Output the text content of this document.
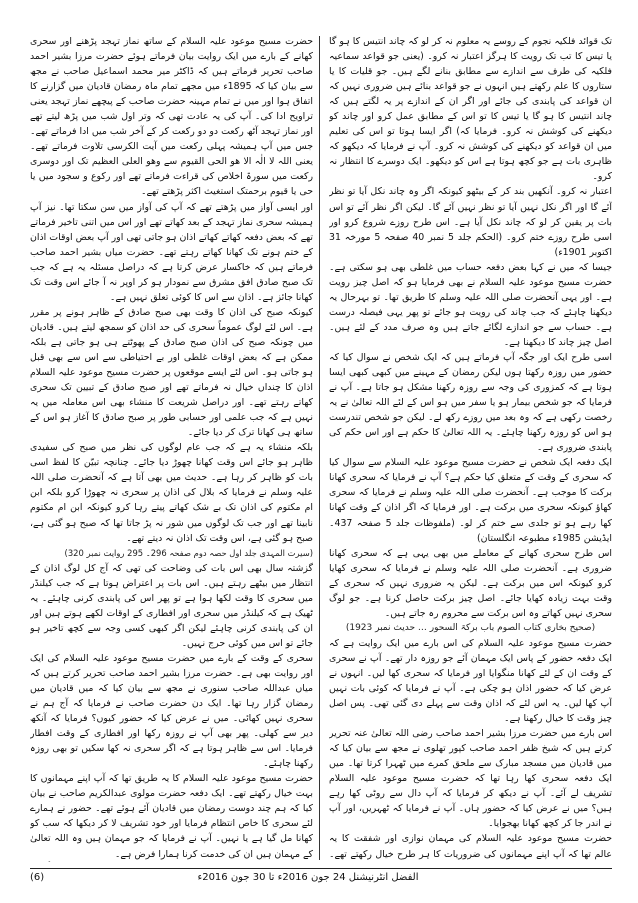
تک قوائد فلکیہ نجوم کے روسے یہ معلوم نہ کر لو کہ چاند انتیس کا ہو گا یا تیس کا تب تک رویت کا ہرگز اعتبار نہ کرو۔ (یعنی جو قواعد سماعیہ فلکیہ کی طرف سے اندازے سے مطابق بنانے لگے ہیں۔ جو قلیات کا یا ستاروں کا علم رکھتے ہیں انہوں نے جو قواعد بنائے ہیں ضروری نہیں کہ ان قواعد کی پابندی کی جائے اور اگر ان کے اندازے پر یہ لگتے ہیں کہ چاند انتیس کا ہو گا یا تیس کا تو اس کے مطابق عمل کرو اور چاند کو دیکھنے کی کوشش نہ کرو۔ فرمایا کہ) اگر ایسا ہوتا تو اس کی تعلیم میں ان قواعد کو دیکھنے کی کوشش نہ کرو۔ آپ نے فرمایا کہ دیکھو کہ ظاہری بات ہے جو کچھ ہوتا ہے اس کو دیکھو۔ ایک دوسرے کا انتظار نہ کرو۔

اعتبار نہ کرو۔ آنکھیں بند کر کے بیٹھو کیونکہ اگر وہ چاند نکل آیا تو نظر آئے گا اور اگر نکل نہیں آیا تو نظر نہیں آئے گا۔ لیکن اگر نظر آئے تو اس بات پر یقین کر لو کہ چاند نکل آیا ہے۔ اس طرح روزے شروع کرو اور اسی طرح روزے ختم کرو۔ (الحکم جلد 5 نمبر 40 صفحہ 5 مورخہ 31 اکتوبر 1901ء)

جیسا کہ میں نے کہا بعض دفعہ حساب میں غلطی بھی ہو سکتی ہے۔ حضرت مسیح موعود علیہ السلام نے بھی فرمایا ہو کہ اصل چیز رویت ہے۔ اور یہی آنحضرت صلی اللہ علیہ وسلم کا طریق تھا۔ تو بہرحال یہ دیکھنا چاہئے کہ جب چاند کی رویت ہو جائے تو پھر یہی فیصلہ درست ہے۔ حساب سے جو اندازے لگائے جاتے ہیں وہ صرف مدد کے لئے ہیں۔ اصل چیز چاند کا دیکھنا ہے۔

اسی طرح ایک اور جگہ آپ فرماتے ہیں کہ ایک شخص نے سوال کیا کہ حضور میں روزہ رکھتا ہوں لیکن رمضان کے مہینے میں کبھی کبھی ایسا ہوتا ہے کہ کمزوری کی وجہ سے روزہ رکھنا مشکل ہو جاتا ہے۔ آپ نے فرمایا کہ جو شخص بیمار ہو یا سفر میں ہو اس کے لئے اللہ تعالیٰ نے یہ رخصت رکھی ہے کہ وہ بعد میں روزے رکھ لے۔ لیکن جو شخص تندرست ہو اس کو روزہ رکھنا چاہئے۔ یہ اللہ تعالیٰ کا حکم ہے اور اس حکم کی پابندی ضروری ہے۔

ایک دفعہ ایک شخص نے حضرت مسیح موعود علیہ السلام سے سوال کیا کہ سحری کے وقت کے متعلق کیا حکم ہے؟ آپ نے فرمایا کہ سحری کھانا برکت کا موجب ہے۔ آنحضرت صلی اللہ علیہ وسلم نے فرمایا کہ سحری کھاؤ کیونکہ سحری میں برکت ہے۔ اور فرمایا کہ اگر اذان کے وقت کھانا کھا رہے ہو تو جلدی سے ختم کر لو۔ (ملفوظات جلد 5 صفحہ 437۔ ایڈیشن 1985ء مطبوعہ انگلستان)

اس طرح سحری کھانے کے معاملے میں بھی یہی ہے کہ سحری کھانا ضروری ہے۔ آنحضرت صلی اللہ علیہ وسلم نے فرمایا کہ سحری کھایا کرو کیونکہ اس میں برکت ہے۔ لیکن یہ ضروری نہیں کہ سحری کے وقت بہت زیادہ کھایا جائے۔ اصل چیز برکت حاصل کرنا ہے۔ جو لوگ سحری نہیں کھاتے وہ اس برکت سے محروم رہ جاتے ہیں۔

(صحیح بخاری کتاب الصوم باب برکۃ السحور … حدیث نمبر 1923)

حضرت مسیح موعود علیہ السلام کی اس بارے میں ایک روایت ہے کہ ایک دفعہ حضور کے پاس ایک مہمان آئے جو روزہ دار تھے۔ آپ نے سحری کے وقت ان کے لئے کھانا منگوایا اور فرمایا کہ سحری کھا لیں۔ انہوں نے عرض کیا کہ حضور اذان ہو چکی ہے۔ آپ نے فرمایا کہ کوئی بات نہیں آپ کھا لیں۔ یہ اس لئے کہ اذان وقت سے پہلے دی گئی تھی۔ پس اصل چیز وقت کا خیال رکھنا ہے۔

اس بارے میں حضرت مرزا بشیر احمد صاحب رضی اللہ تعالیٰ عنہ تحریر کرتے ہیں کہ شیخ ظفر احمد صاحب کپور تھلوی نے مجھ سے بیان کیا کہ میں قادیان میں مسجد مبارک سے ملحق کمرے میں ٹھہرا کرتا تھا۔ میں ایک دفعہ سحری کھا رہا تھا کہ حضرت مسیح موعود علیہ السلام تشریف لے آئے۔ آپ نے دیکھ کر فرمایا کہ آپ دال سے روٹی کھا رہے ہیں؟ میں نے عرض کیا کہ حضور ہاں۔ آپ نے فرمایا کہ ٹھہریں، اور آپ نے اندر جا کر کچھ کھانا بھجوایا۔

حضرت مسیح موعود علیہ السلام کی مہمان نوازی اور شفقت کا یہ عالم تھا کہ آپ اپنے مہمانوں کی ضروریات کا ہر طرح خیال رکھتے تھے۔

حضرت مسیح موعود علیہ السلام کے ساتھ نماز تہجد پڑھنے اور سحری کھانے کے بارے میں ایک روایت بیان فرماتے ہوئے حضرت مرزا بشیر احمد صاحب تحریر فرماتے ہیں کہ ڈاکٹر میر محمد اسماعیل صاحب نے مجھ سے بیان کیا کہ 1895ء میں مجھے تمام ماہ رمضان قادیان میں گزارنے کا اتفاق ہوا اور میں نے تمام مہینہ حضرت صاحب کے پیچھے نماز تہجد یعنی تراویح ادا کی۔ آپ کی یہ عادت تھی کہ وتر اول شب میں پڑھ لیتے تھے اور نماز تہجد آٹھ رکعت دو دو رکعت کر کے آخر شب میں ادا فرماتے تھے۔ جس میں آپ ہمیشہ پہلی رکعت میں آیت الکرسی تلاوت فرماتے تھے۔ یعنی اللہ لا الٰہ الا ھو الحی القیوم سے وھو العلی العظیم تک اور دوسری رکعت میں سورۃ اخلاص کی قراءت فرماتے تھے اور رکوع و سجود میں یا حی یا قیوم برحمتک استغیث اکثر پڑھتے تھے۔

اور ایسی آواز میں پڑھتے تھے کہ آپ کی آواز میں سن سکتا تھا۔ نیز آپ ہمیشہ سحری نماز تہجد کے بعد کھاتے تھے اور اس میں اتنی تاخیر فرماتے تھے کہ بعض دفعہ کھاتے کھاتے اذان ہو جاتی تھی اور آپ بعض اوقات اذان کے ختم ہونے تک کھانا کھاتے رہتے تھے۔ حضرت میاں بشیر احمد صاحب فرماتے ہیں کہ خاکسار عرض کرتا ہے کہ دراصل مسئلہ یہ ہے کہ جب تک صبح صادق افق مشرق سے نمودار ہو کر اوپر نہ آ جائے اس وقت تک کھانا جائز ہے۔ اذان سے اس کا کوئی تعلق نہیں ہے۔

کیونکہ صبح کی اذان کا وقت بھی صبح صادق کے ظاہر ہونے پر مقرر ہے۔ اس لئے لوگ عموماً سحری کی حد اذان کو سمجھ لیتے ہیں۔ قادیان میں چونکہ صبح کی اذان صبح صادق کے پھوٹتے ہی ہو جاتی ہے بلکہ ممکن ہے کہ بعض اوقات غلطی اور بے احتیاطی سے اس سے بھی قبل ہو جاتی ہو۔ اس لئے ایسے موقعوں پر حضرت مسیح موعود علیہ السلام اذان کا چنداں خیال نہ فرماتے تھے اور صبح صادق کے تبیین تک سحری کھاتے رہتے تھے۔ اور دراصل شریعت کا منشاء بھی اس معاملہ میں یہ نہیں ہے کہ جب علمی اور حسابی طور پر صبح صادق کا آغاز ہو اس کے ساتھ ہی کھانا ترک کر دیا جائے۔

بلکہ منشاء یہ ہے کہ جب عام لوگوں کی نظر میں صبح کی سفیدی ظاہر ہو جائے اس وقت کھانا چھوڑ دیا جائے۔ چنانچہ تبیّن کا لفظ اسی بات کو ظاہر کر رہا ہے۔ حدیث میں بھی آتا ہے کہ آنحضرت صلی اللہ علیہ وسلم نے فرمایا کہ بلال کی اذان پر سحری نہ چھوڑا کرو بلکہ ابن ام مکتوم کی اذان تک بے شک کھاتے پیتے رہا کرو کیونکہ ابن ام مکتوم نابینا تھے اور جب تک لوگوں میں شور نہ پڑ جاتا تھا کہ صبح ہو گئی ہے، صبح ہو گئی ہے، اس وقت تک اذان نہ دیتے تھے۔

(سیرت المہدی جلد اول حصہ دوم صفحہ 296۔ 295 روایت نمبر 320)

گزشتہ سال بھی اس بات کی وضاحت کی تھی کہ آج کل لوگ اذان کے انتظار میں بیٹھے رہتے ہیں۔ اس بات پر اعتراض ہوتا ہے کہ جب کیلنڈر میں سحری کا وقت لکھا ہوا ہے تو پھر اس کی پابندی کرنی چاہئے۔ یہ ٹھیک ہے کہ کیلنڈر میں سحری اور افطاری کے اوقات لکھے ہوتے ہیں اور ان کی پابندی کرنی چاہئے لیکن اگر کبھی کسی وجہ سے کچھ تاخیر ہو جائے تو اس میں کوئی حرج نہیں۔

سحری کے وقت کے بارے میں حضرت مسیح موعود علیہ السلام کی ایک اور روایت بھی ہے۔ حضرت مرزا بشیر احمد صاحب تحریر کرتے ہیں کہ میاں عبداللہ صاحب سنوری نے مجھ سے بیان کیا کہ میں قادیان میں رمضان گزار رہا تھا۔ ایک دن حضرت صاحب نے فرمایا کہ آج ہم نے سحری نہیں کھائی۔ میں نے عرض کیا کہ حضور کیوں؟ فرمایا کہ آنکھ دیر سے کھلی۔ پھر بھی آپ نے روزہ رکھا اور افطاری کے وقت افطار فرمایا۔ اس سے ظاہر ہوتا ہے کہ اگر سحری نہ کھا سکیں تو بھی روزہ رکھنا چاہئے۔

حضرت مسیح موعود علیہ السلام کا یہ طریق تھا کہ آپ اپنے مہمانوں کا بہت خیال رکھتے تھے۔ ایک دفعہ حضرت مولوی عبدالکریم صاحب نے بیان کیا کہ ہم چند دوست رمضان میں قادیان آئے ہوئے تھے۔ حضور نے ہمارے لئے سحری کا خاص انتظام فرمایا اور خود تشریف لا کر دیکھا کہ سب کو کھانا مل گیا ہے یا نہیں۔ آپ نے فرمایا کہ جو مہمان ہیں وہ اللہ تعالیٰ کے مہمان ہیں ان کی خدمت کرنا ہمارا فرض ہے۔

الفضل انٹرنیشنل 24 جون 2016ء تا 30 جون 2016ء
(6)
